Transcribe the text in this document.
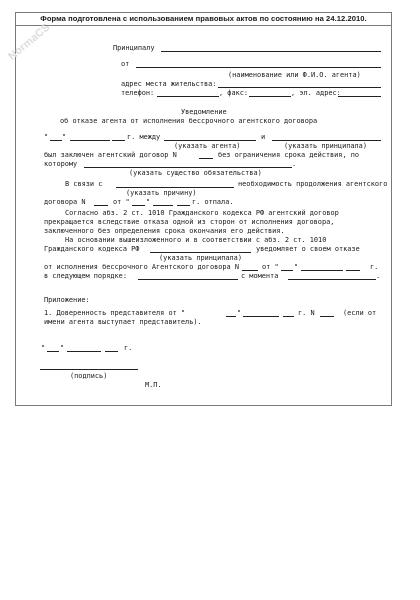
Форма подготовлена с использованием правовых актов по состоянию на 24.12.2010.
NormaCS	Принципалу
от
(наименование или Ф.И.О. агента)
адрес места жительства:
телефон:	, факс:	, эл. адрес:
Уведомление
об отказе агента от исполнения бессрочного агентского договора
" "	г. между	и
(указать агента)	(указать принципала)
был заключен агентский договор N	без ограничения срока действия, по
которому	.
(указать существо обязательства)
В связи с	необходимость продолжения агентского
(указать причину)
договора N	от " "	г. отпала.
Согласно абз. 2 ст. 1010 Гражданского кодекса РФ агентский договор
прекращается вследствие отказа одной из сторон от исполнения договора,
заключенного без определения срока окончания его действия.
На основании вышеизложенного и в соответствии с абз. 2 ст. 1010
Гражданского кодекса РФ	уведомляет о своем отказе
(указать принципала)
от исполнения бессрочного Агентского договора N	от " "	г.
в следующем порядке:	с момента	.
Приложение:
1. Доверенность представителя от "	"	г. N	(если от
имени агента выступает представитель).
" "	г.
(подпись)
М.П.
